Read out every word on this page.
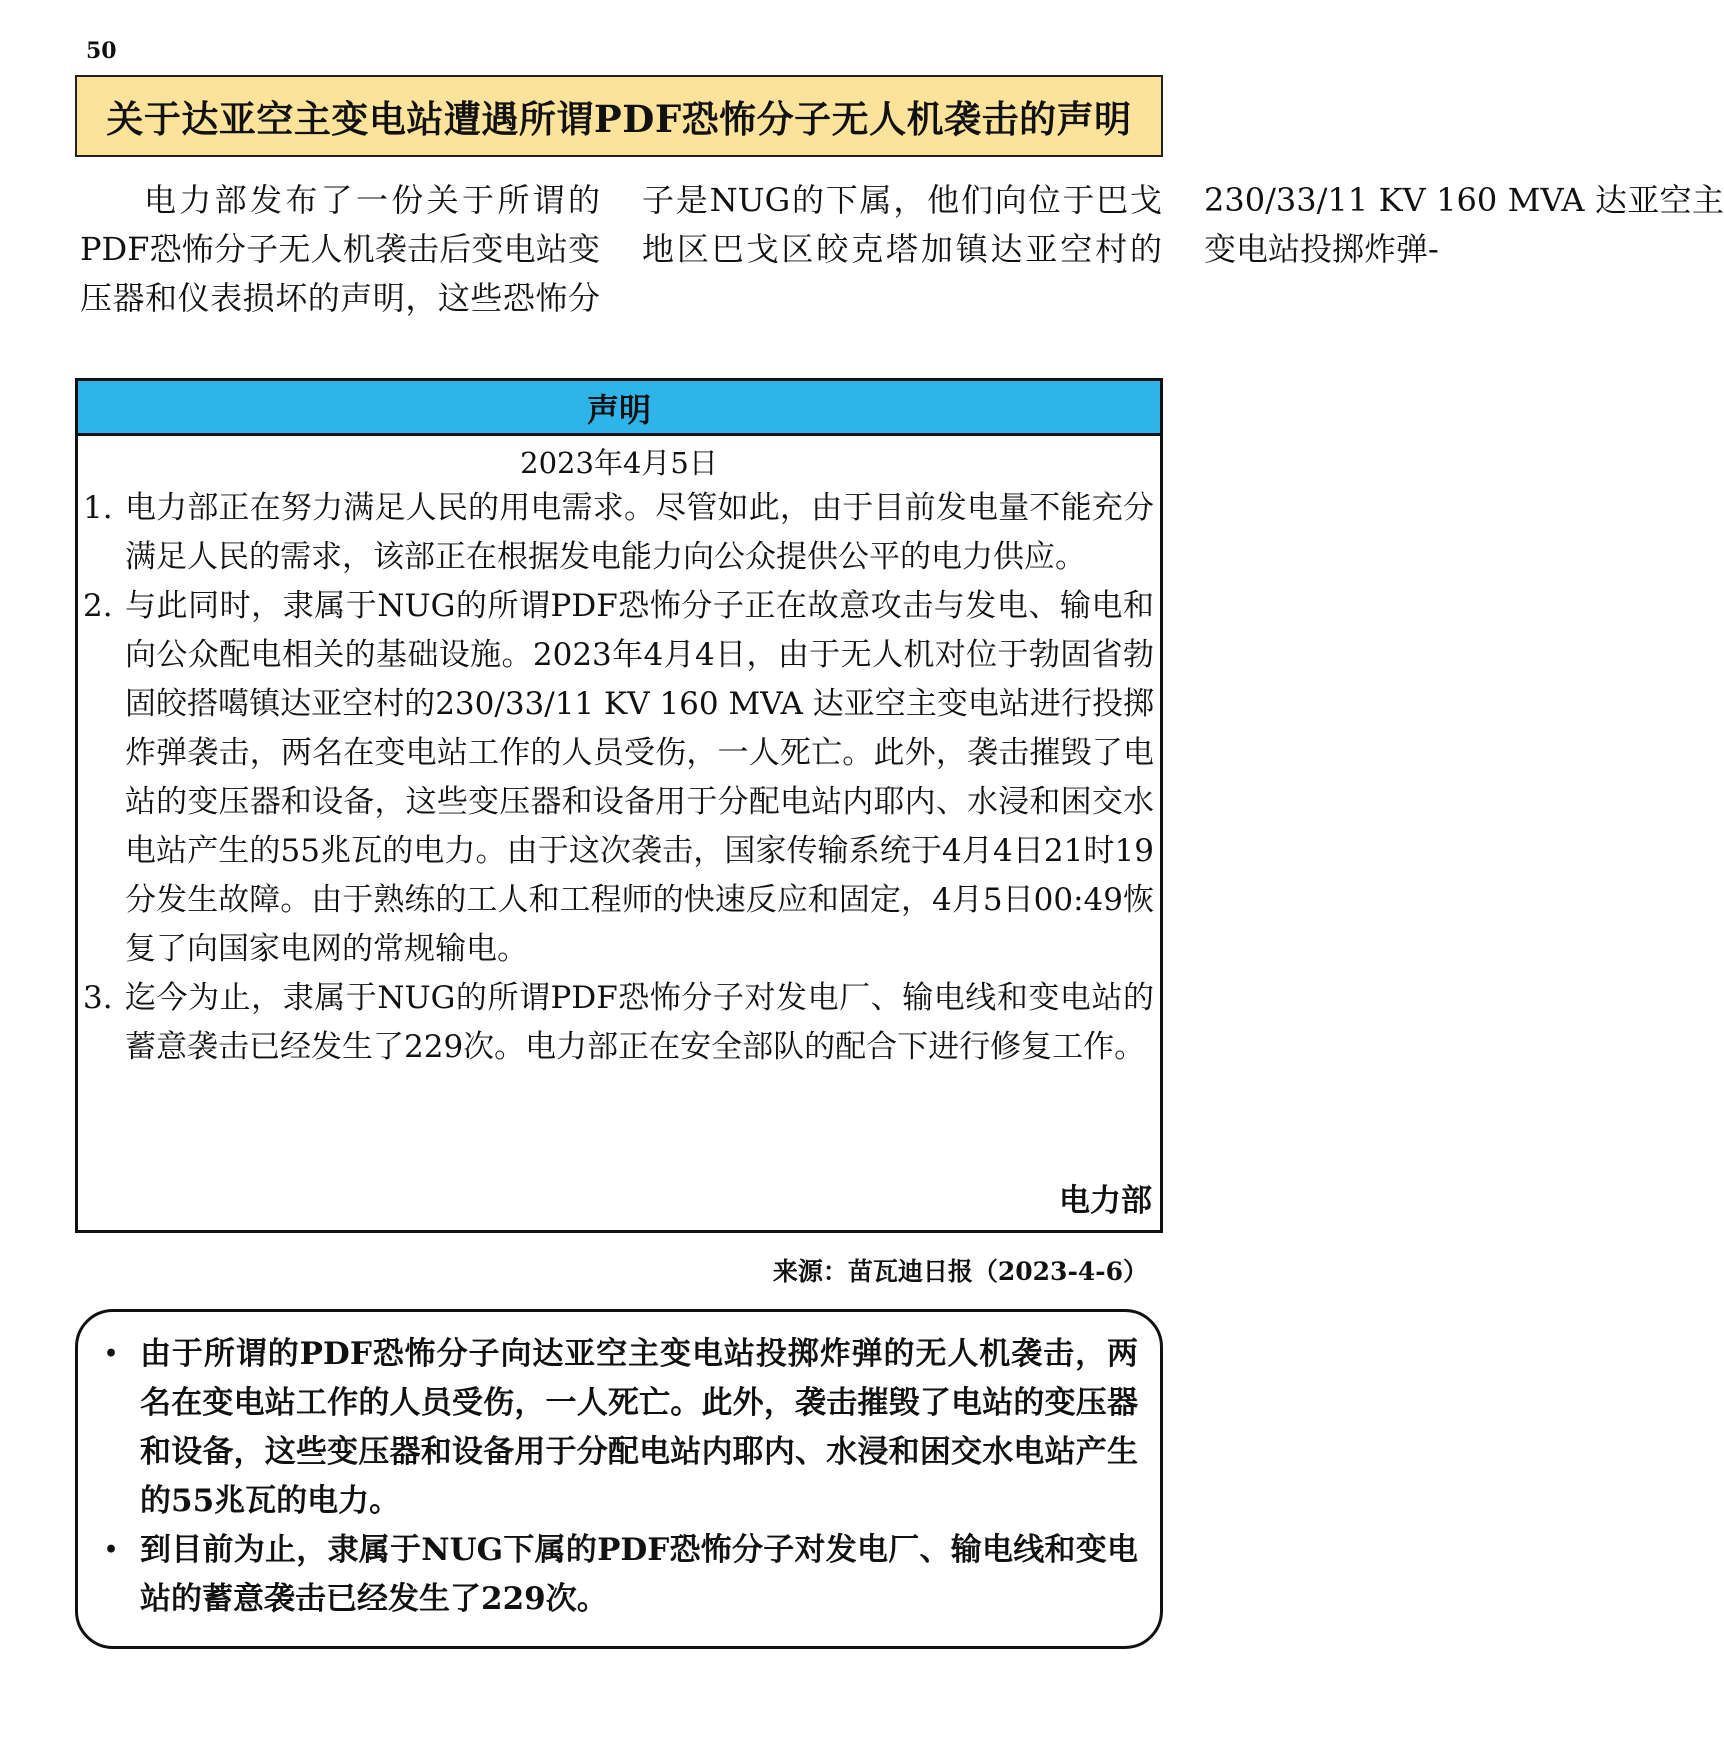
50
关于达亚空主变电站遭遇所谓PDF恐怖分子无人机袭击的声明

电力部发布了一份关于所谓的PDF恐怖分子无人机袭击后变电站变压器和仪表损坏的声明，这些恐怖分子是NUG的下属，他们向位于巴戈地区巴戈区皎克塔加镇达亚空村的230/33/11 KV 160 MVA 达亚空主变电站投掷炸弹-

声明
2023年4月5日
1. 电力部正在努力满足人民的用电需求。尽管如此，由于目前发电量不能充分满足人民的需求，该部正在根据发电能力向公众提供公平的电力供应。
2. 与此同时，隶属于NUG的所谓PDF恐怖分子正在故意攻击与发电、输电和向公众配电相关的基础设施。2023年4月4日，由于无人机对位于勃固省勃固皎搭噶镇达亚空村的230/33/11 KV 160 MVA 达亚空主变电站进行投掷炸弹袭击，两名在变电站工作的人员受伤，一人死亡。此外，袭击摧毁了电站的变压器和设备，这些变压器和设备用于分配电站内耶内、水浸和困交水电站产生的55兆瓦的电力。由于这次袭击，国家传输系统于4月4日21时19分发生故障。由于熟练的工人和工程师的快速反应和固定，4月5日00:49恢复了向国家电网的常规输电。
3. 迄今为止，隶属于NUG的所谓PDF恐怖分子对发电厂、输电线和变电站的蓄意袭击已经发生了229次。电力部正在安全部队的配合下进行修复工作。
电力部
来源：苗瓦迪日报（2023-4-6）
• 由于所谓的PDF恐怖分子向达亚空主变电站投掷炸弹的无人机袭击，两名在变电站工作的人员受伤，一人死亡。此外，袭击摧毁了电站的变压器和设备，这些变压器和设备用于分配电站内耶内、水浸和困交水电站产生的55兆瓦的电力。
• 到目前为止，隶属于NUG下属的PDF恐怖分子对发电厂、输电线和变电站的蓄意袭击已经发生了229次。
